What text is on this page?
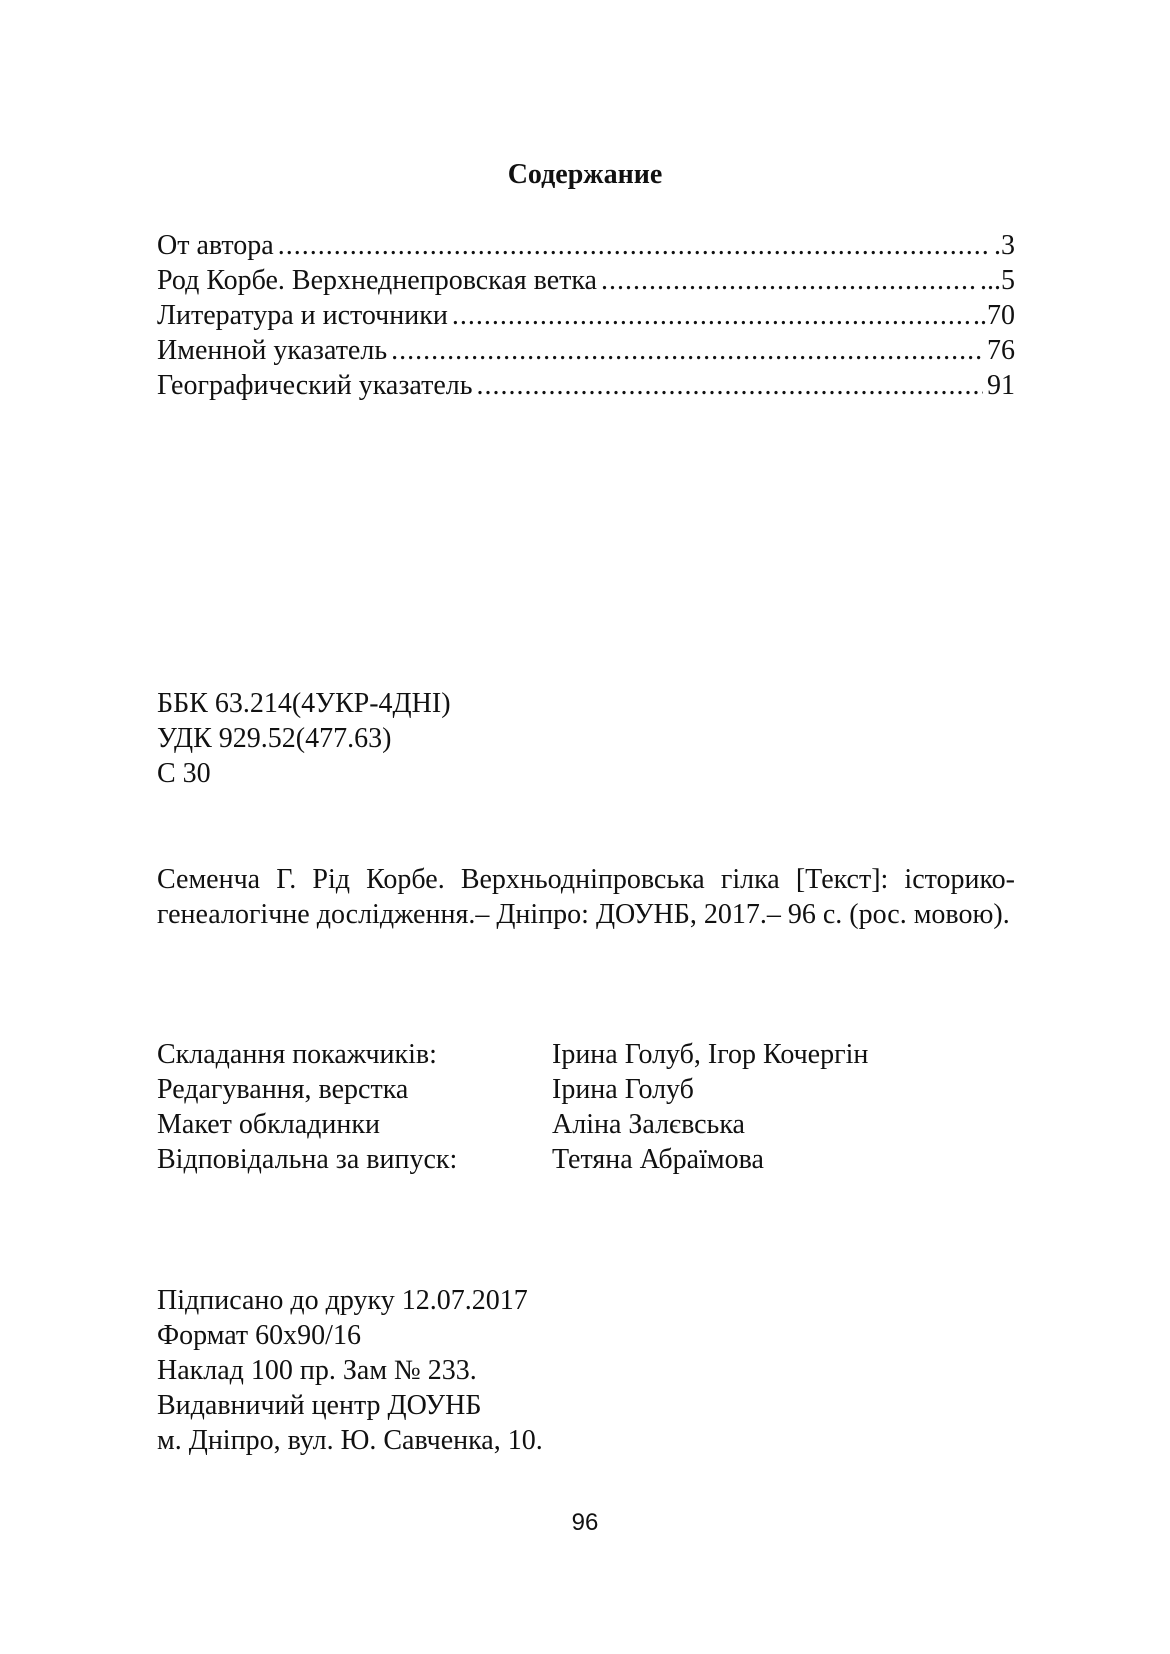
Содержание
От автора .....	.3
Род Корбе. Верхнеднепровская ветка .....	...5
Литература и источники .....	..70
Именной указатель .....	76
Географический указатель .....	91
ББК 63.214(4УКР-4ДНІ)
УДК 929.52(477.63)
С 30
Семенча Г. Рід Корбе. Верхньодніпровська гілка [Текст]: історико-генеалогічне дослідження.– Дніпро: ДОУНБ, 2017.– 96 с. (рос. мовою).
Складання покажчиків:	Ірина Голуб, Ігор Кочергін
Редагування, верстка	Ірина Голуб
Макет обкладинки	Аліна Залєвська
Відповідальна за випуск:	Тетяна Абраїмова
Підписано до друку 12.07.2017
Формат 60x90/16
Наклад 100 пр. Зам № 233.
Видавничий центр ДОУНБ
м. Дніпро, вул. Ю. Савченка, 10.
96
